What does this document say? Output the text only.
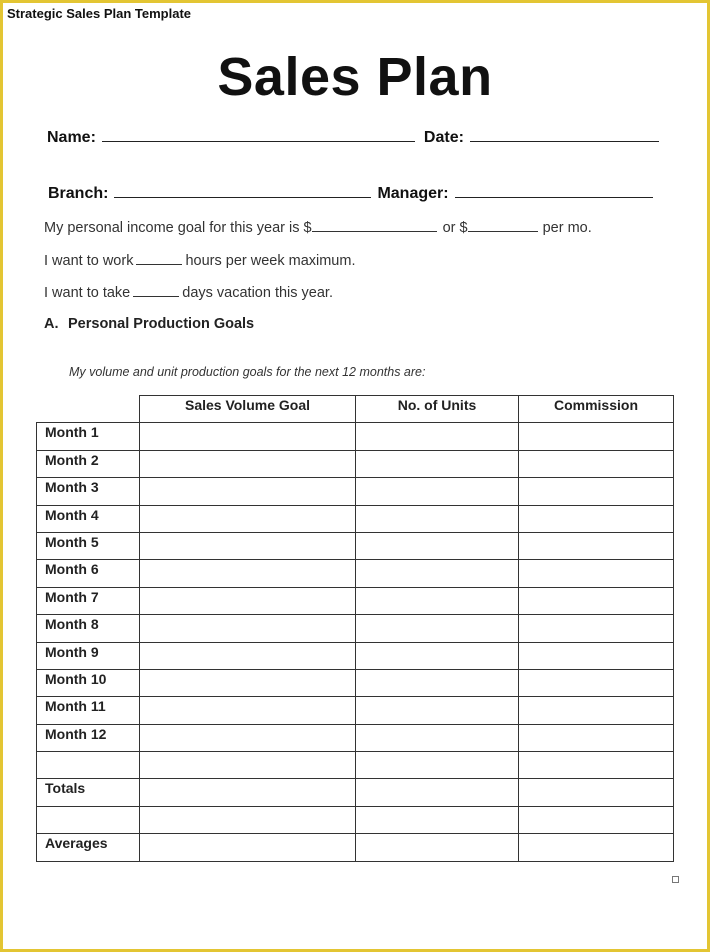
Strategic Sales Plan Template
Sales Plan
Name:	Date:
Branch:	Manager:
My personal income goal for this year is $	or $	per mo.
I want to work	hours per week maximum.
I want to take	days vacation this year.
A. Personal Production Goals
My volume and unit production goals for the next 12 months are:
	Sales Volume Goal	No. of Units	Commission
Month 1			
Month 2			
Month 3			
Month 4			
Month 5			
Month 6			
Month 7			
Month 8			
Month 9			
Month 10			
Month 11			
Month 12			

Totals			

Averages			
